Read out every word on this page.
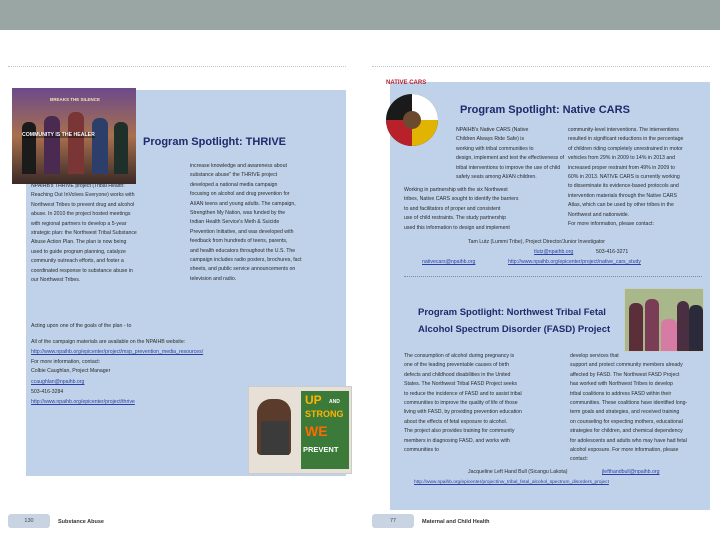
BREAKS THE SILENCE
COMMUNITY IS THE HEALER
Program Spotlight: THRIVE
NPAIHB's THRIVE project (Tribal Health:
Reaching Out InVolves Everyone) works with
Northwest Tribes to prevent drug and alcohol
abuse. In 2010 the project hosted meetings
with regional partners to develop a 5-year
strategic plan: the Northwest Tribal Substance
Abuse Action Plan. The plan is now being
used to guide program planning, catalyze
community outreach efforts, and foster a
coordinated response to substance abuse in
our Northwest Tribes.
Acting upon one of the goals of the plan - to
increase knowledge and awareness about
substance abuse" the THRIVE project
developed a national media campaign
focusing on alcohol and drug prevention for
AI/AN teens and young adults. The campaign,
Strengthen My Nation, was funded by the
Indian Health Service's Meth & Suicide
Prevention Initiative, and was developed with
feedback from hundreds of teens, parents,
and health educators throughout the U.S. The
campaign includes radio posters, brochures, fact
sheets, and public service announcements on
television and radio.
All of the campaign materials are available on the NPAIHB website:
http://www.npaihb.org/epicenter/project/msp_prevention_media_resources/
For more information, contact:
Colbie Caughlan, Project Manager
ccaughlan@npaihb.org
503-416-3284
http://www.npaihb.org/epicenter/project/thrive	UP AND
STRONG
WE
PREVENT
130	Substance Abuse
NATIVE CARS
Program Spotlight: Native CARS
NPAIHB's Native CARS (Native
Children Always Ride Safe) is
working with tribal communities to
design, implement and test the effectiveness of
tribal interventions to improve the use of child
safety seats among AI/AN children.
Working in partnership with the six Northwest
tribes, Native CARS sought to identify the barriers
to and facilitators of proper and consistent
use of child restraints. The study partnership
used this information to design and implement
community-level interventions. The interventions
resulted in significant reductions in the percentage
of children riding completely unrestrained in motor
vehicles from 29% in 2009 to 14% in 2013 and
increased proper restraint from 49% in 2009 to
60% in 2013. NATIVE CARS is currently working
to disseminate its evidence-based protocols and
intervention materials through the Native CARS
Atlas, which can be used by other tribes in the
Northwest and nationwide.
For more information, please contact:
Tam Lutz (Lummi Tribe), Project Director/Junior Investigator
tlutz@npaihb.org	503-416-3271
nativecars@npaihb.org	http://www.npaihb.org/epicenter/project/native_cars_study
Program Spotlight: Northwest Tribal Fetal
Alcohol Spectrum Disorder (FASD) Project
The consumption of alcohol during pregnancy is
one of the leading preventable causes of birth
defects and childhood disabilities in the United
States. The Northwest Tribal FASD Project seeks
to reduce the incidence of FASD and to assist tribal
communities to improve the quality of life of those
living with FASD, by providing prevention education
about the effects of fetal exposure to alcohol.
The project also provides training for community
members in diagnosing FASD, and works with
communities to
develop services that
support and protect community members already
affected by FASD. The Northwest FASD Project
has worked with Northwest Tribes to develop
tribal coalitions to address FASD within their
communities. These coalitions have identified long-
term goals and strategies, and received training
on counseling for expecting mothers, educational
strategies for children, and chemical dependency
for adolescents and adults who may have had fetal
alcohol exposure. For more information, please
contact:
Jacqueline Left Hand Bull (Sicangu Lakota)	jlefthandbull@npaihb.org
http://www.npaihb.org/epicenter/project/nw_tribal_fetal_alcohol_spectrum_disorders_project
77	Maternal and Child Health
